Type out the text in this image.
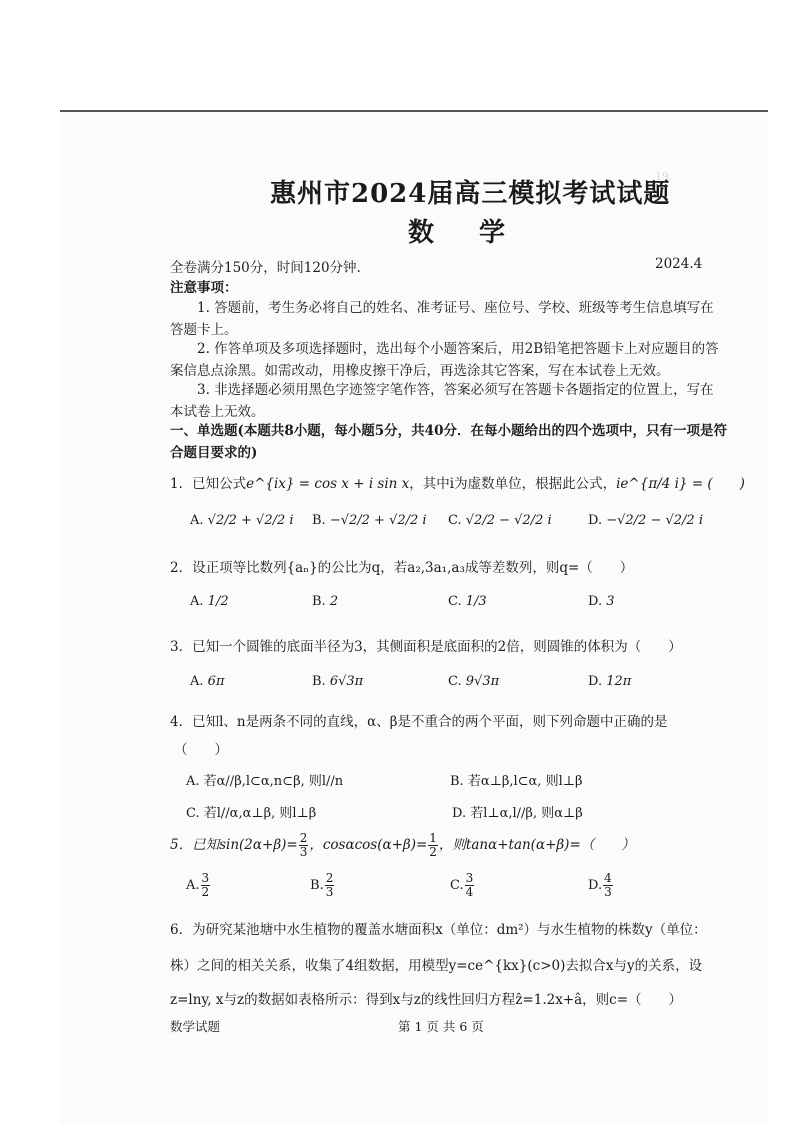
19.
惠州市2024届高三模拟考试试题
数 学
全卷满分150分，时间120分钟.	2024.4
注意事项：
1. 答题前，考生务必将自己的姓名、准考证号、座位号、学校、班级等考生信息填写在答题卡上。
2. 作答单项及多项选择题时，选出每个小题答案后，用2B铅笔把答题卡上对应题目的答案信息点涂黑。如需改动，用橡皮擦干净后，再选涂其它答案，写在本试卷上无效。
3. 非选择题必须用黑色字迹签字笔作答，答案必须写在答题卡各题指定的位置上，写在本试卷上无效。
一、单选题(本题共8小题，每小题5分，共40分．在每小题给出的四个选项中，只有一项是符合题目要求的)
1．已知公式e^{ix} = cos x + i sin x，其中i为虚数单位，根据此公式，ie^{π/4 i} = (　　)
A. √2/2 + √2/2 i B. −√2/2 + √2/2 i C. √2/2 − √2/2 i	D. −√2/2 − √2/2 i
2．设正项等比数列{aₙ}的公比为q，若a₂,3a₁,a₃成等差数列，则q=（　　）
A. 1/2	B. 2	C. 1/3	D. 3
3．已知一个圆锥的底面半径为3，其侧面积是底面积的2倍，则圆锥的体积为（　　）
A. 6π	B. 6√3π	C. 9√3π	D. 12π
4．已知l、n是两条不同的直线，α、β是不重合的两个平面，则下列命题中正确的是
（　　）
A. 若α//β,l⊂α,n⊂β, 则l//n	B. 若α⊥β,l⊂α, 则l⊥β
C. 若l//α,α⊥β, 则l⊥β	D. 若l⊥α,l//β, 则α⊥β
5．已知$\sin(2\alpha+\beta)= \frac{2}{3}$ ，$\cos\alpha\cos(\alpha+\beta)= \frac{1}{2}$ ，则tanα+tan(α+β)=（　　）
A. $\frac{3}{2}$	B. $\frac{2}{3}$	C. $\frac{3}{4}$	D. $\frac{4}{3}$
6．为研究某池塘中水生植物的覆盖水塘面积x（单位：dm²）与水生植物的株数y（单位：
株）之间的相关关系，收集了4组数据，用模型y=ce^{kx}(c>0)去拟合x与y的关系，设
z=lny, x与z的数据如表格所示：得到x与z的线性回归方程ẑ=1.2x+â，则c=（　　）
数学试题	第 1 页 共 6 页
